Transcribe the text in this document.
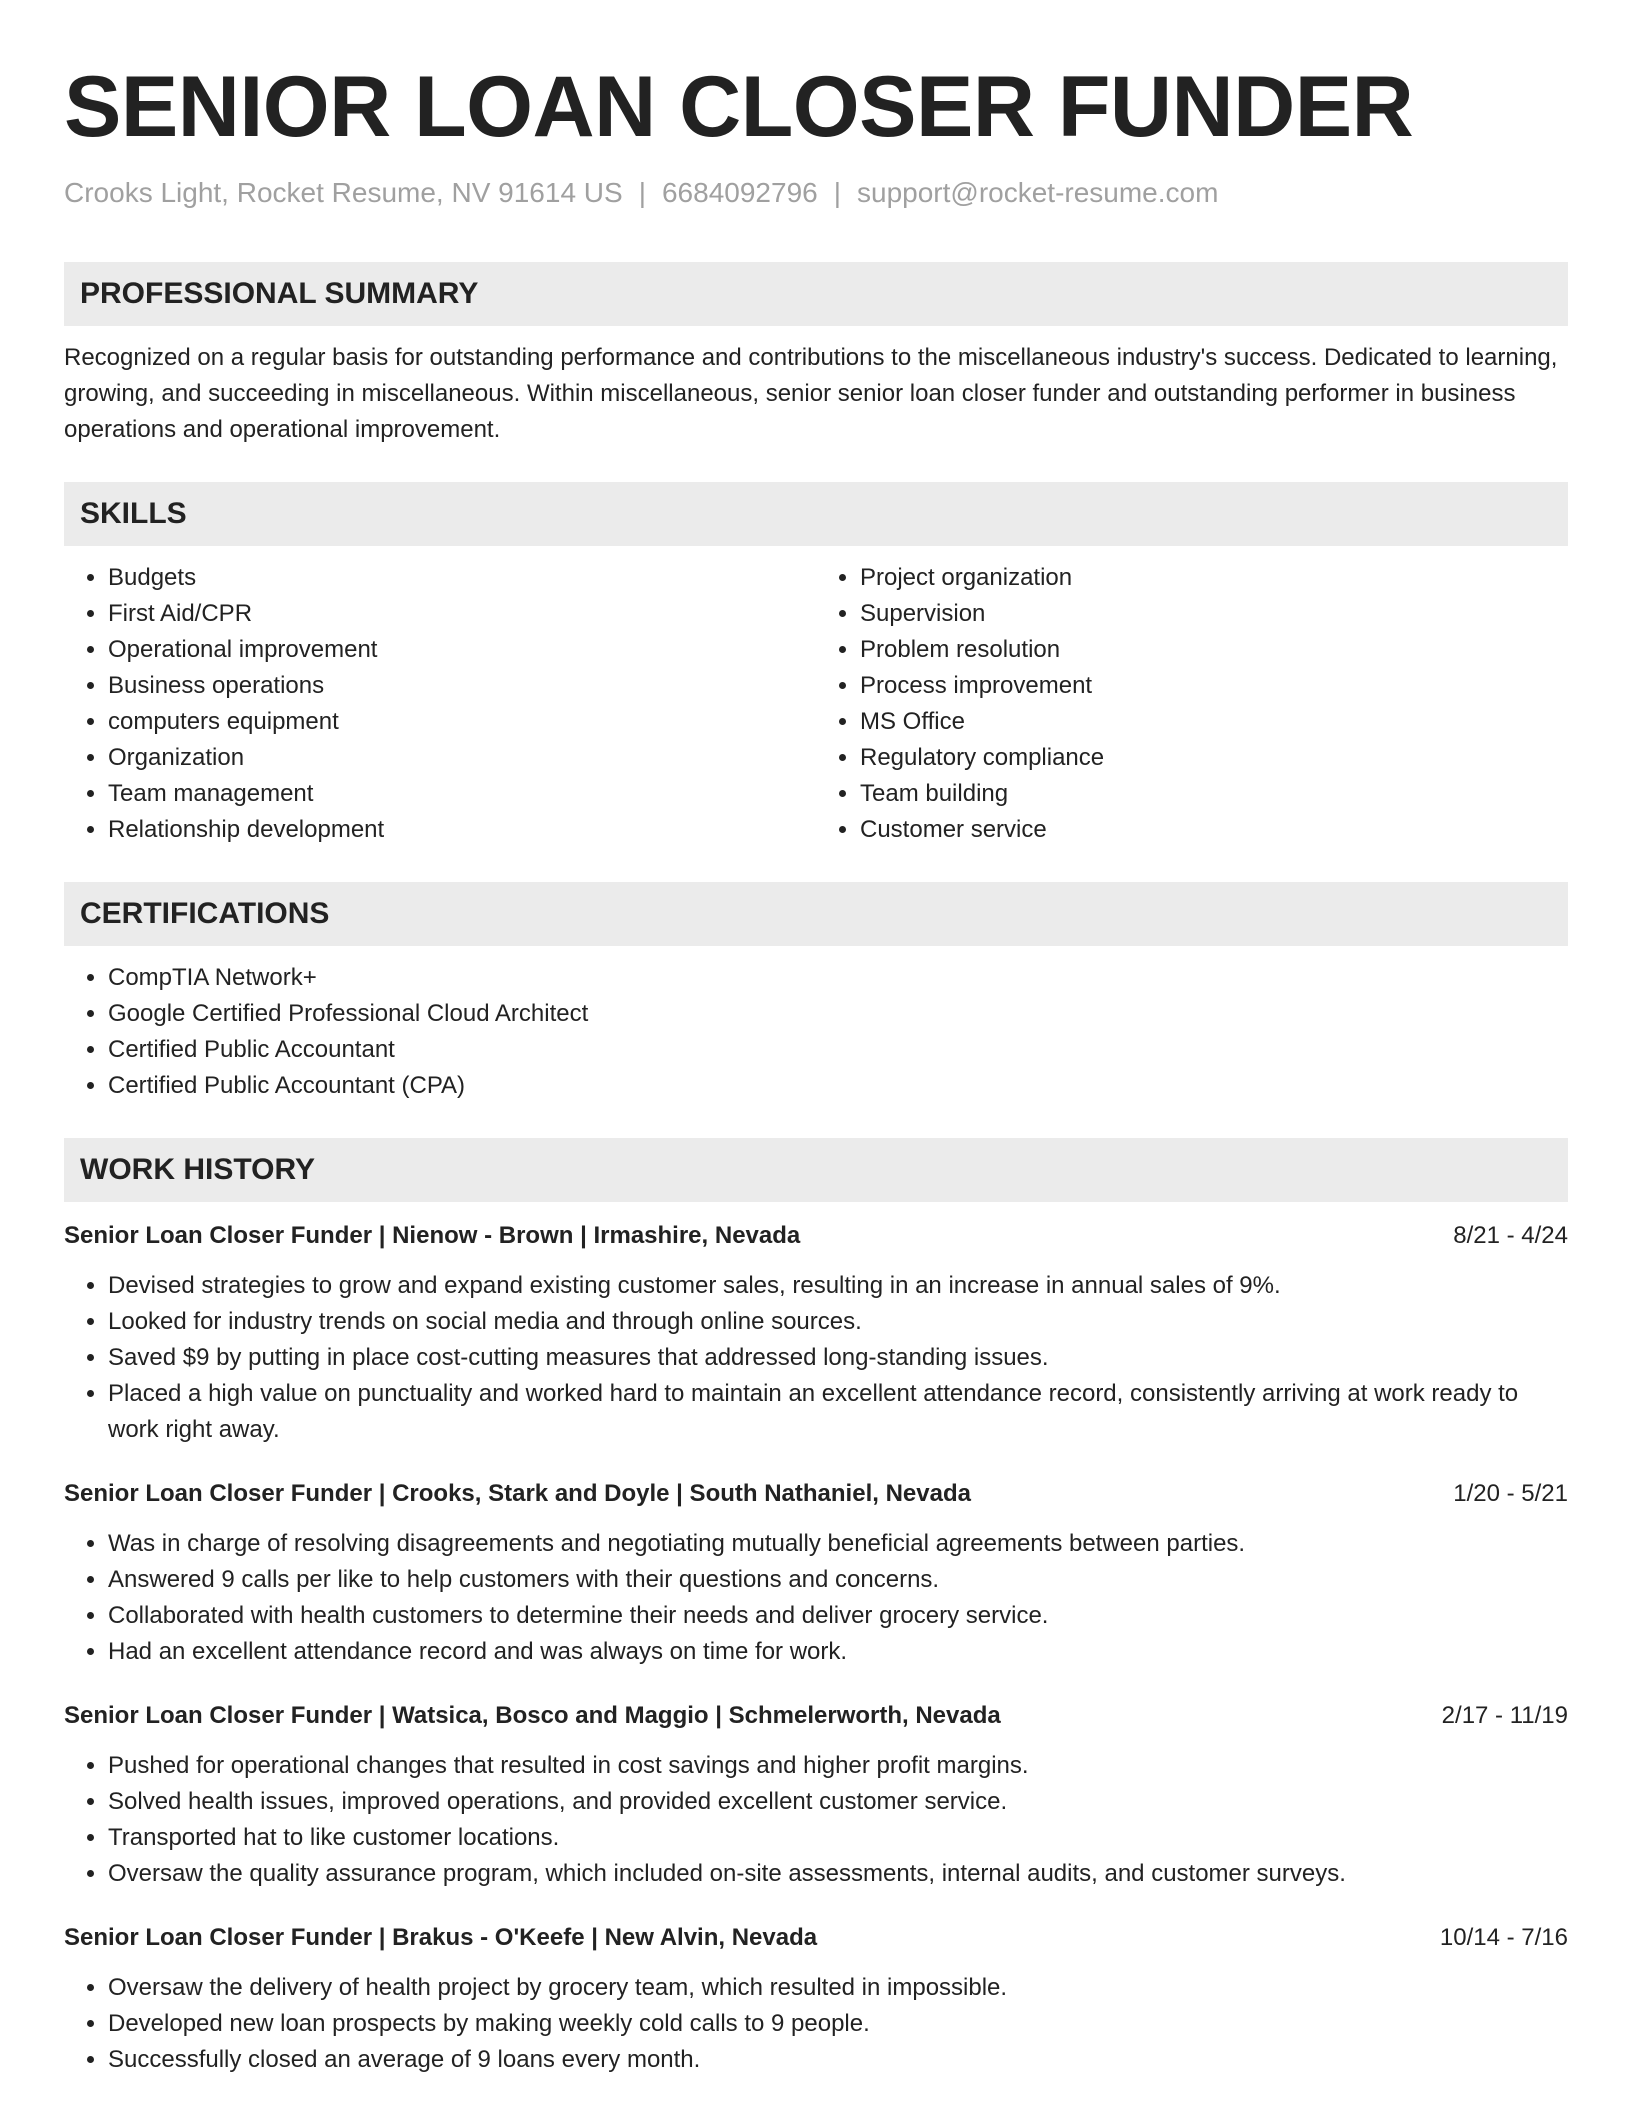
SENIOR LOAN CLOSER FUNDER
Crooks Light, Rocket Resume, NV 91614 US | 6684092796 | support@rocket-resume.com
PROFESSIONAL SUMMARY

Recognized on a regular basis for outstanding performance and contributions to the miscellaneous industry's success. Dedicated to learning, growing, and succeeding in miscellaneous. Within miscellaneous, senior senior loan closer funder and outstanding performer in business operations and operational improvement.

SKILLS
• Budgets
• First Aid/CPR
• Operational improvement
• Business operations
• computers equipment
• Organization
• Team management
• Relationship development
• Project organization
• Supervision
• Problem resolution
• Process improvement
• MS Office
• Regulatory compliance
• Team building
• Customer service
CERTIFICATIONS
• CompTIA Network+
• Google Certified Professional Cloud Architect
• Certified Public Accountant
• Certified Public Accountant (CPA)
WORK HISTORY
Senior Loan Closer Funder | Nienow - Brown | Irmashire, Nevada	8/21 - 4/24
• Devised strategies to grow and expand existing customer sales, resulting in an increase in annual sales of 9%.
• Looked for industry trends on social media and through online sources.
• Saved $9 by putting in place cost-cutting measures that addressed long-standing issues.
• Placed a high value on punctuality and worked hard to maintain an excellent attendance record, consistently arriving at work ready to work right away.
Senior Loan Closer Funder | Crooks, Stark and Doyle | South Nathaniel, Nevada	1/20 - 5/21
• Was in charge of resolving disagreements and negotiating mutually beneficial agreements between parties.
• Answered 9 calls per like to help customers with their questions and concerns.
• Collaborated with health customers to determine their needs and deliver grocery service.
• Had an excellent attendance record and was always on time for work.
Senior Loan Closer Funder | Watsica, Bosco and Maggio | Schmelerworth, Nevada	2/17 - 11/19
• Pushed for operational changes that resulted in cost savings and higher profit margins.
• Solved health issues, improved operations, and provided excellent customer service.
• Transported hat to like customer locations.
• Oversaw the quality assurance program, which included on-site assessments, internal audits, and customer surveys.
Senior Loan Closer Funder | Brakus - O'Keefe | New Alvin, Nevada	10/14 - 7/16
• Oversaw the delivery of health project by grocery team, which resulted in impossible.
• Developed new loan prospects by making weekly cold calls to 9 people.
• Successfully closed an average of 9 loans every month.
